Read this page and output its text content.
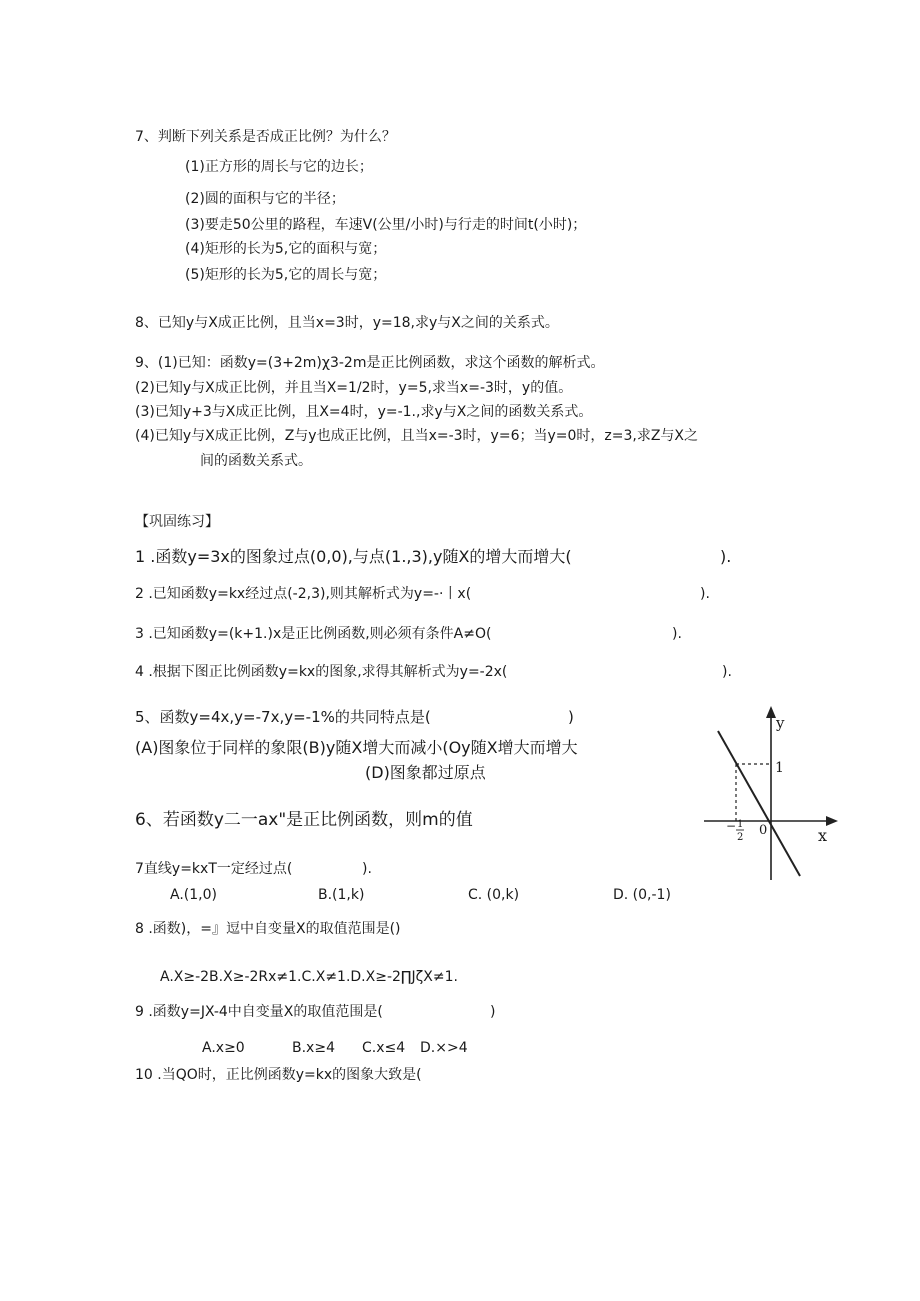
7、判断下列关系是否成正比例？为什么？
(1)正方形的周长与它的边长；
(2)圆的面积与它的半径；
(3)要走50公里的路程，车速V(公里/小时)与行走的时间t(小时)；
(4)矩形的长为5,它的面积与宽；
(5)矩形的长为5,它的周长与宽；
8、已知y与X成正比例，且当x=3时，y=18,求y与X之间的关系式。
9、(1)已知：函数y=(3+2m)χ3-2m是正比例函数，求这个函数的解析式。
(2)已知y与X成正比例，并且当X=1/2时，y=5,求当x=-3时，y的值。
(3)已知y+3与X成正比例，且X=4时，y=-1.,求y与X之间的函数关系式。
(4)已知y与X成正比例，Z与y也成正比例，且当x=-3时，y=6；当y=0时，z=3,求Z与X之
间的函数关系式。
【巩固练习】
1 .函数y=3x的图象过点(0,0),与点(1.,3),y随X的增大而增大(	).
2 .已知函数y=kx经过点(-2,3),则其解析式为y=-·丨x(	).
3 .已知函数y=(k+1.)x是正比例函数,则必须有条件A≠O(	).
4 .根据下图正比例函数y=kx的图象,求得其解析式为y=-2x(	).
5、函数y=4x,y=-7x,y=-1%的共同特点是(	)
(A)图象位于同样的象限(B)y随X增大而减小(Oy随X增大而增大
(D)图象都过原点
6、若函数y二一ax"是正比例函数，则m的值
7直线y=kxT一定经过点(	).
A.(1,0)	B.(1,k)	C. (0,k)	D. (0,-1)
8 .函数)，=』逗中自变量X的取值范围是()
A.X≥-2B.X≥-2Rx≠1.C.X≠1.D.X≥-2∏JζX≠1.
9 .函数y=JX-4中自变量X的取值范围是(	)
A.x≥0	B.x≥4 C.x≤4 D.×>4
10 .当QO时，正比例函数y=kx的图象大致是(
y
x
0
1
− 1
2
